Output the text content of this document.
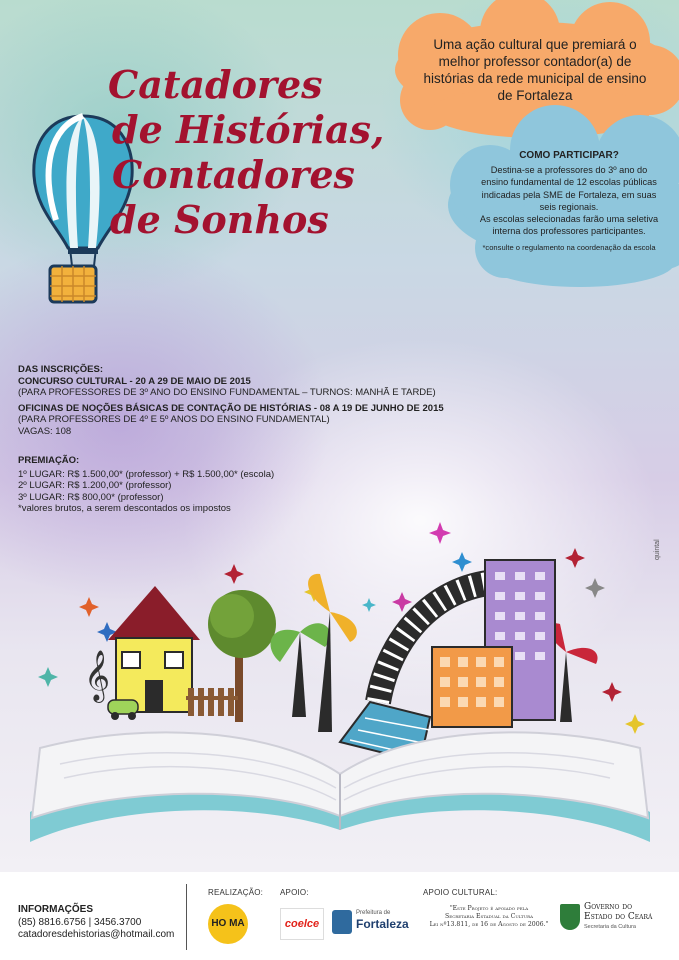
Catadores
de Histórias,
Contadores
de Sonhos
Uma ação cultural que premiará o melhor professor contador(a) de histórias da rede municipal de ensino de Fortaleza
COMO PARTICIPAR?
Destina-se a professores do 3º ano do
ensino fundamental de 12 escolas públicas
indicadas pela SME de Fortaleza, em suas
seis regionais.
As escolas selecionadas farão uma seletiva
interna dos professores participantes.
*consulte o regulamento na coordenação da escola
DAS INSCRIÇÕES:
CONCURSO CULTURAL - 20 A 29 DE MAIO DE 2015
(PARA PROFESSORES DE 3º ANO DO ENSINO FUNDAMENTAL – TURNOS: MANHÃ E TARDE)
OFICINAS DE NOÇÕES BÁSICAS DE CONTAÇÃO DE HISTÓRIAS - 08 A 19 DE JUNHO DE 2015
(PARA PROFESSORES DE 4º E 5º ANOS DO ENSINO FUNDAMENTAL)
VAGAS: 108
PREMIAÇÃO:
1º LUGAR: R$ 1.500,00* (professor) + R$ 1.500,00* (escola)
2º LUGAR: R$ 1.200,00* (professor)
3º LUGAR: R$ 800,00* (professor)
*valores brutos, a serem descontados os impostos
quintal
𝄞
INFORMAÇÕES
(85) 8816.6756 | 3456.3700
catadoresdehistorias@hotmail.com
REALIZAÇÃO:
HO MA
APOIO:
coelce
Prefeitura de
Fortaleza
APOIO CULTURAL:
"Este Projeto é apoiado pela
Secretaria Estadual da Cultura
Lei nº13.811, de 16 de Agosto de 2006."
Governo do
Estado do Ceará
Secretaria da Cultura
